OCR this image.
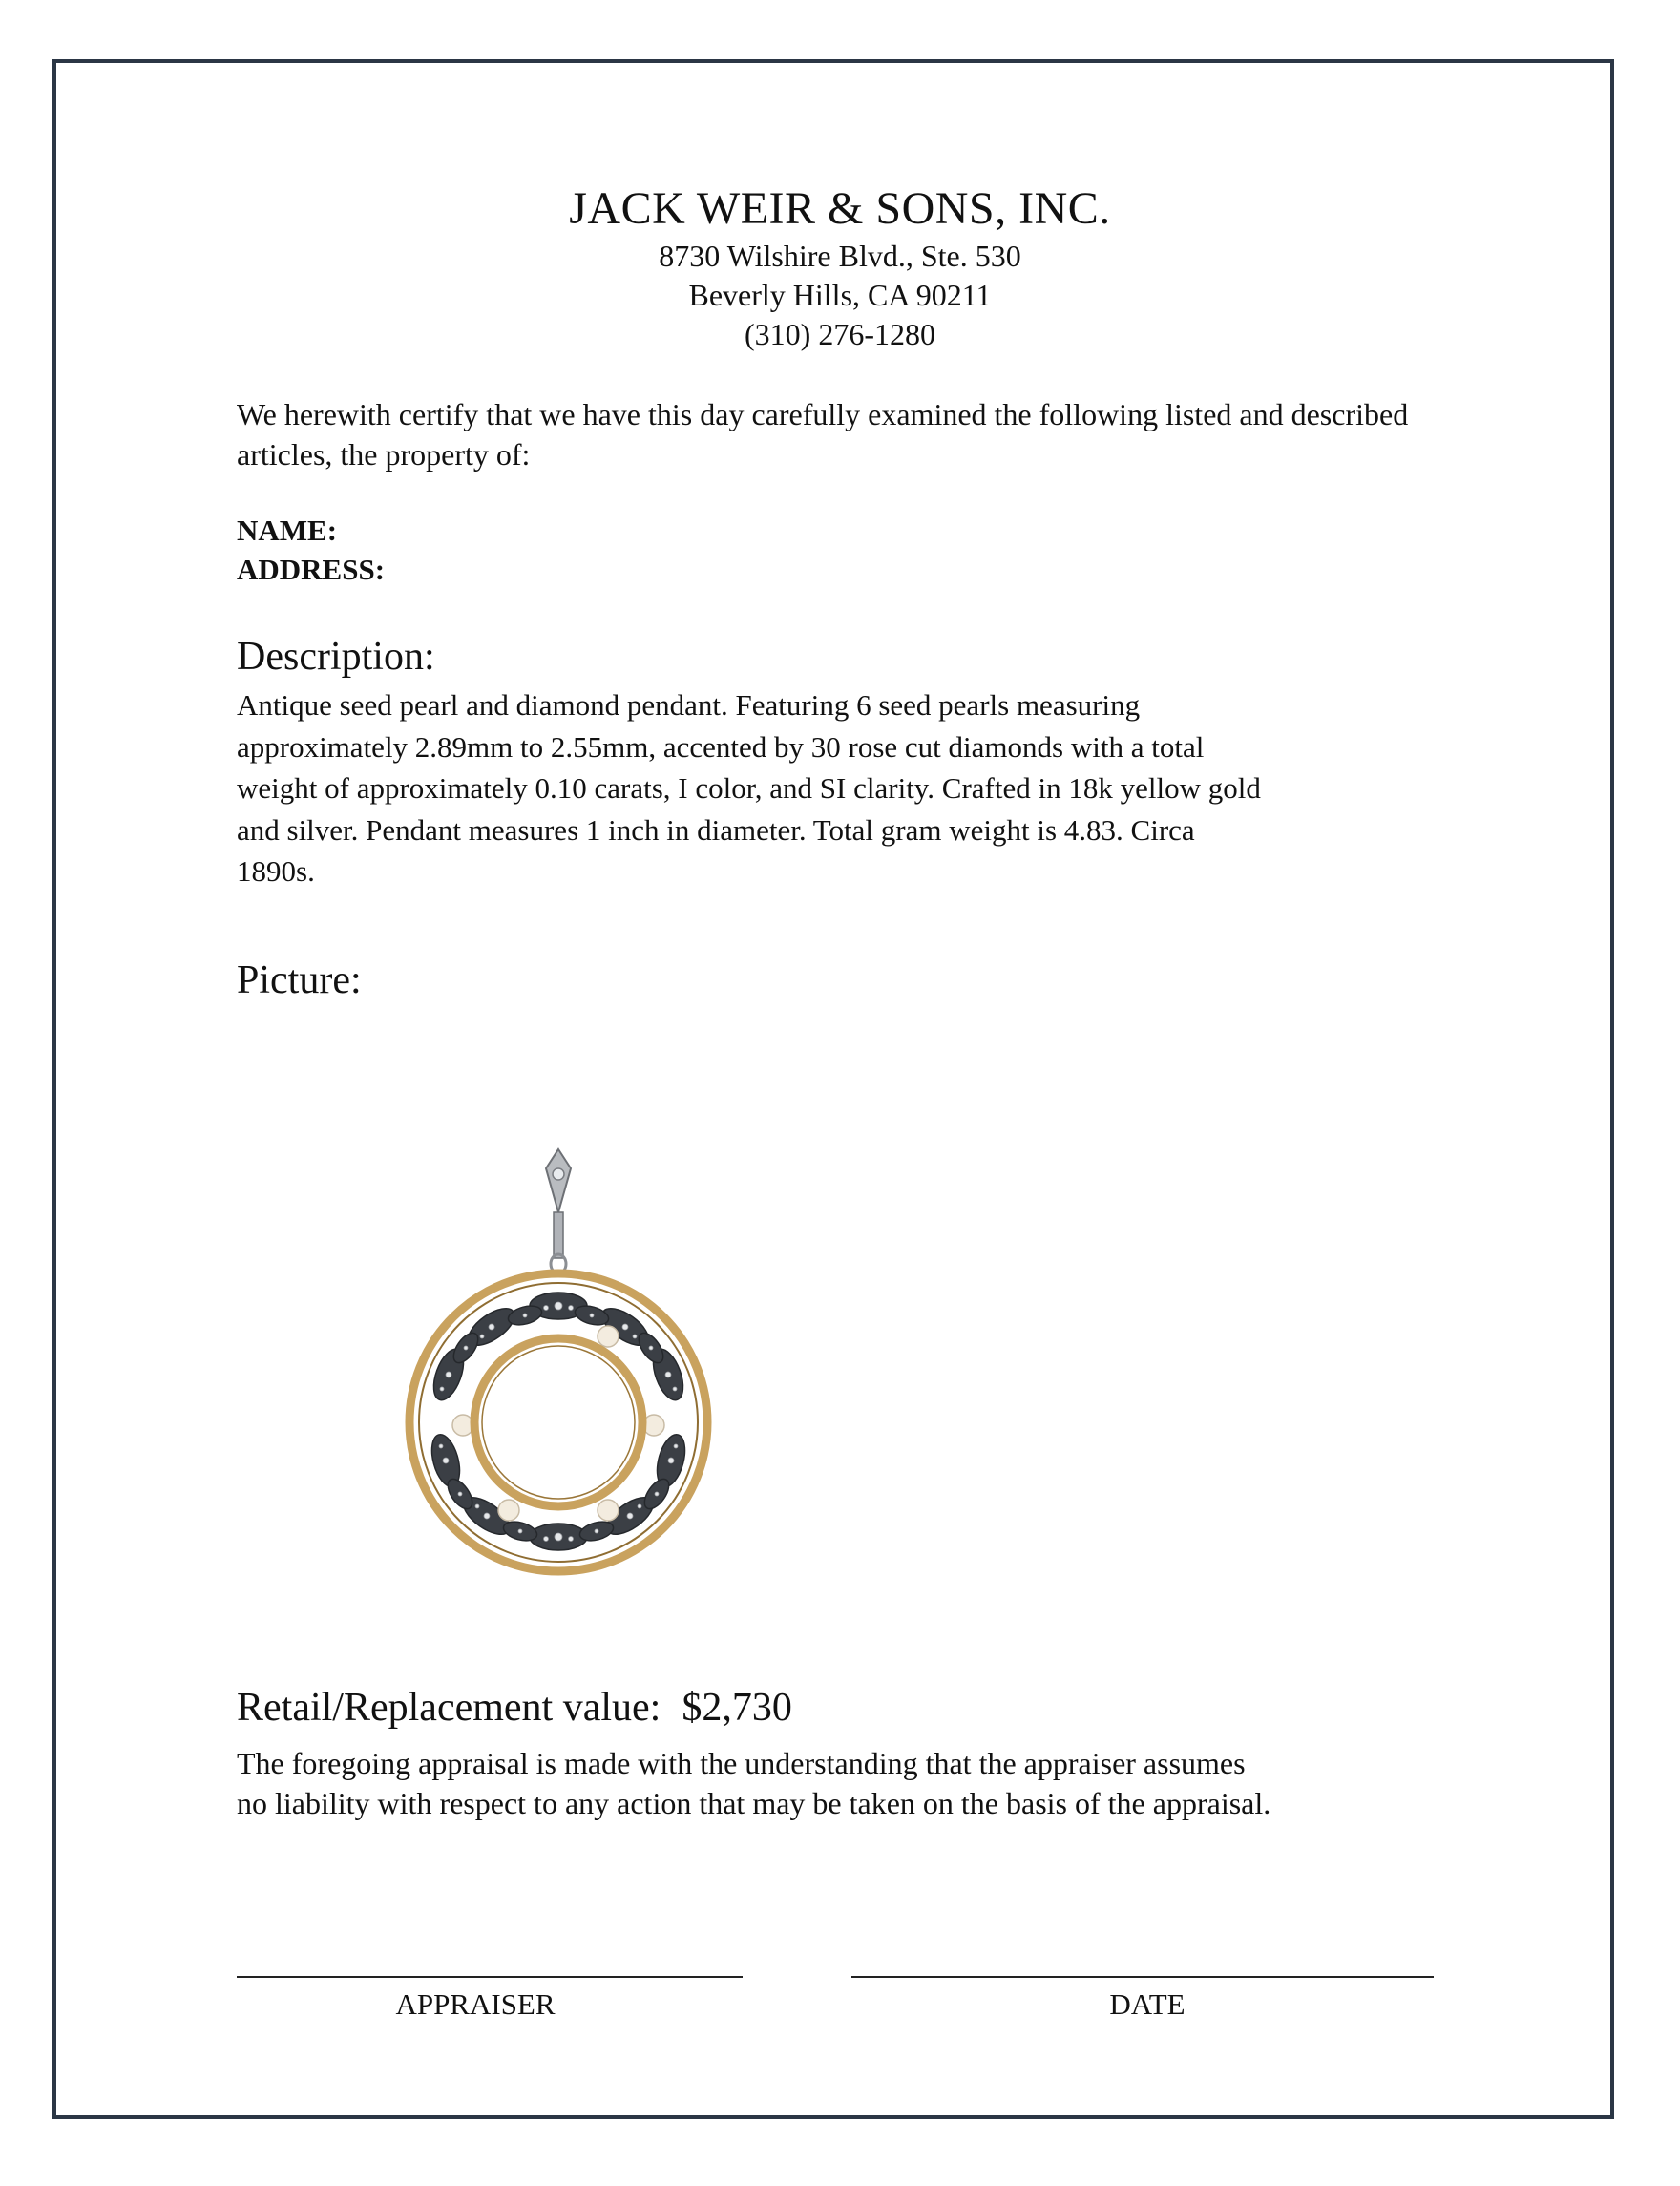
JACK WEIR & SONS, INC.
8730 Wilshire Blvd., Ste. 530
Beverly Hills, CA 90211
(310) 276-1280
We herewith certify that we have this day carefully examined the following listed and described articles, the property of:
NAME:
ADDRESS:
Description:
Antique seed pearl and diamond pendant. Featuring 6 seed pearls measuring
approximately 2.89mm to 2.55mm, accented by 30 rose cut diamonds with a total
weight of approximately 0.10 carats, I color, and SI clarity. Crafted in 18k yellow gold
and silver. Pendant measures 1 inch in diameter. Total gram weight is 4.83. Circa
1890s.
Picture:
Retail/Replacement value: $2,730
The foregoing appraisal is made with the understanding that the appraiser assumes
no liability with respect to any action that may be taken on the basis of the appraisal.
APPRAISER	DATE
